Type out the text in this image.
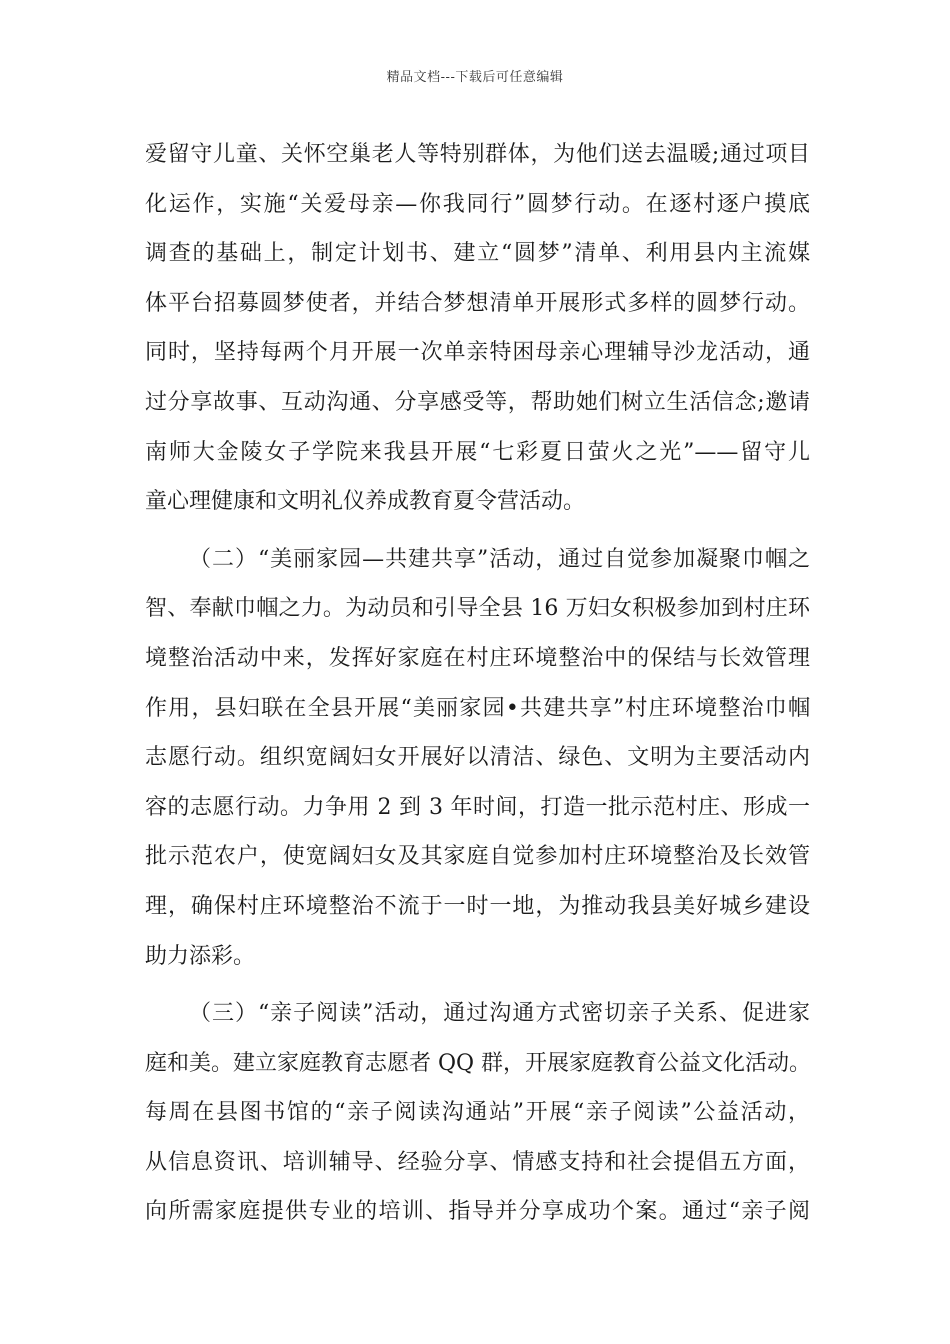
精品文档---下载后可任意编辑
爱留守儿童、关怀空巢老人等特别群体，为他们送去温暖;通过项目
化运作，实施“关爱母亲—你我同行”圆梦行动。在逐村逐户摸底
调查的基础上，制定计划书、建立“圆梦”清单、利用县内主流媒
体平台招募圆梦使者，并结合梦想清单开展形式多样的圆梦行动。
同时，坚持每两个月开展一次单亲特困母亲心理辅导沙龙活动，通
过分享故事、互动沟通、分享感受等，帮助她们树立生活信念;邀请
南师大金陵女子学院来我县开展“七彩夏日萤火之光”——留守儿
童心理健康和文明礼仪养成教育夏令营活动。
（二）“美丽家园—共建共享”活动，通过自觉参加凝聚巾帼之
智、奉献巾帼之力。为动员和引导全县 16 万妇女积极参加到村庄环
境整治活动中来，发挥好家庭在村庄环境整治中的保结与长效管理
作用，县妇联在全县开展“美丽家园•共建共享”村庄环境整治巾帼
志愿行动。组织宽阔妇女开展好以清洁、绿色、文明为主要活动内
容的志愿行动。力争用 2 到 3 年时间，打造一批示范村庄、形成一
批示范农户，使宽阔妇女及其家庭自觉参加村庄环境整治及长效管
理，确保村庄环境整治不流于一时一地，为推动我县美好城乡建设
助力添彩。
（三）“亲子阅读”活动，通过沟通方式密切亲子关系、促进家
庭和美。建立家庭教育志愿者 QQ 群，开展家庭教育公益文化活动。
每周在县图书馆的“亲子阅读沟通站”开展“亲子阅读”公益活动，
从信息资讯、培训辅导、经验分享、情感支持和社会提倡五方面，
向所需家庭提供专业的培训、指导并分享成功个案。通过“亲子阅
